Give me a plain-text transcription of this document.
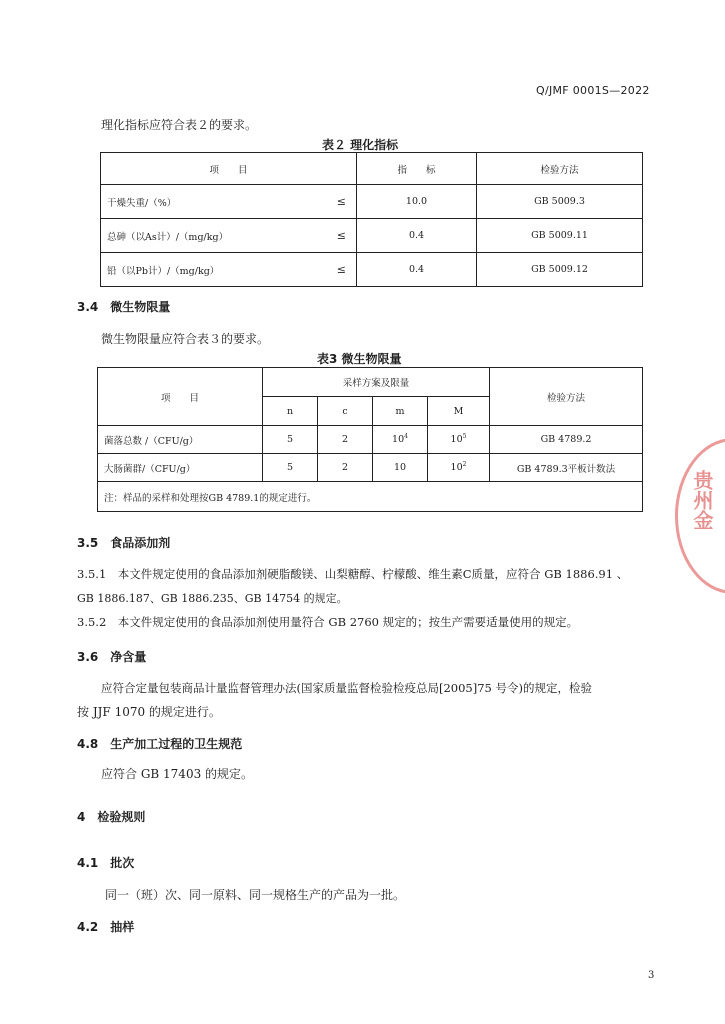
Q/JMF 0001S—2022
理化指标应符合表２的要求。
表２ 理化指标
项　　目	指　　标	检验方法
干燥失重/（%） ≤	10.0	GB 5009.3
总砷（以As计）/（mg/kg） ≤	0.4	GB 5009.11
铅（以Pb计）/（mg/kg） ≤	0.4	GB 5009.12
3.4　微生物限量
微生物限量应符合表３的要求。
表3 微生物限量
项　　目	采样方案及限量				检验方法
	n	c	m	M	
菌落总数 /（CFU/g）	5	2	$10^4$	$10^5$	GB 4789.2
大肠菌群/（CFU/g）	5	2	10	$10^2$	GB 4789.3平板计数法
注：样品的采样和处理按GB 4789.1的规定进行。					
3.5　食品添加剂
3.5.1　本文件规定使用的食品添加剂硬脂酸镁、山梨糖醇、柠檬酸、维生素C质量，应符合 GB 1886.91 、
GB 1886.187、GB 1886.235、GB 14754 的规定。
3.5.2　本文件规定使用的食品添加剂使用量符合 GB 2760 规定的；按生产需要适量使用的规定。
3.6　净含量
应符合定量包装商品计量监督管理办法(国家质量监督检验检疫总局[2005]75 号令)的规定，检验
按 JJF 1070 的规定进行。
4.8　生产加工过程的卫生规范
应符合 GB 17403 的规定。
4　检验规则
4.1　批次
同一（班）次、同一原料、同一规格生产的产品为一批。
4.2　抽样
贵州金
3
